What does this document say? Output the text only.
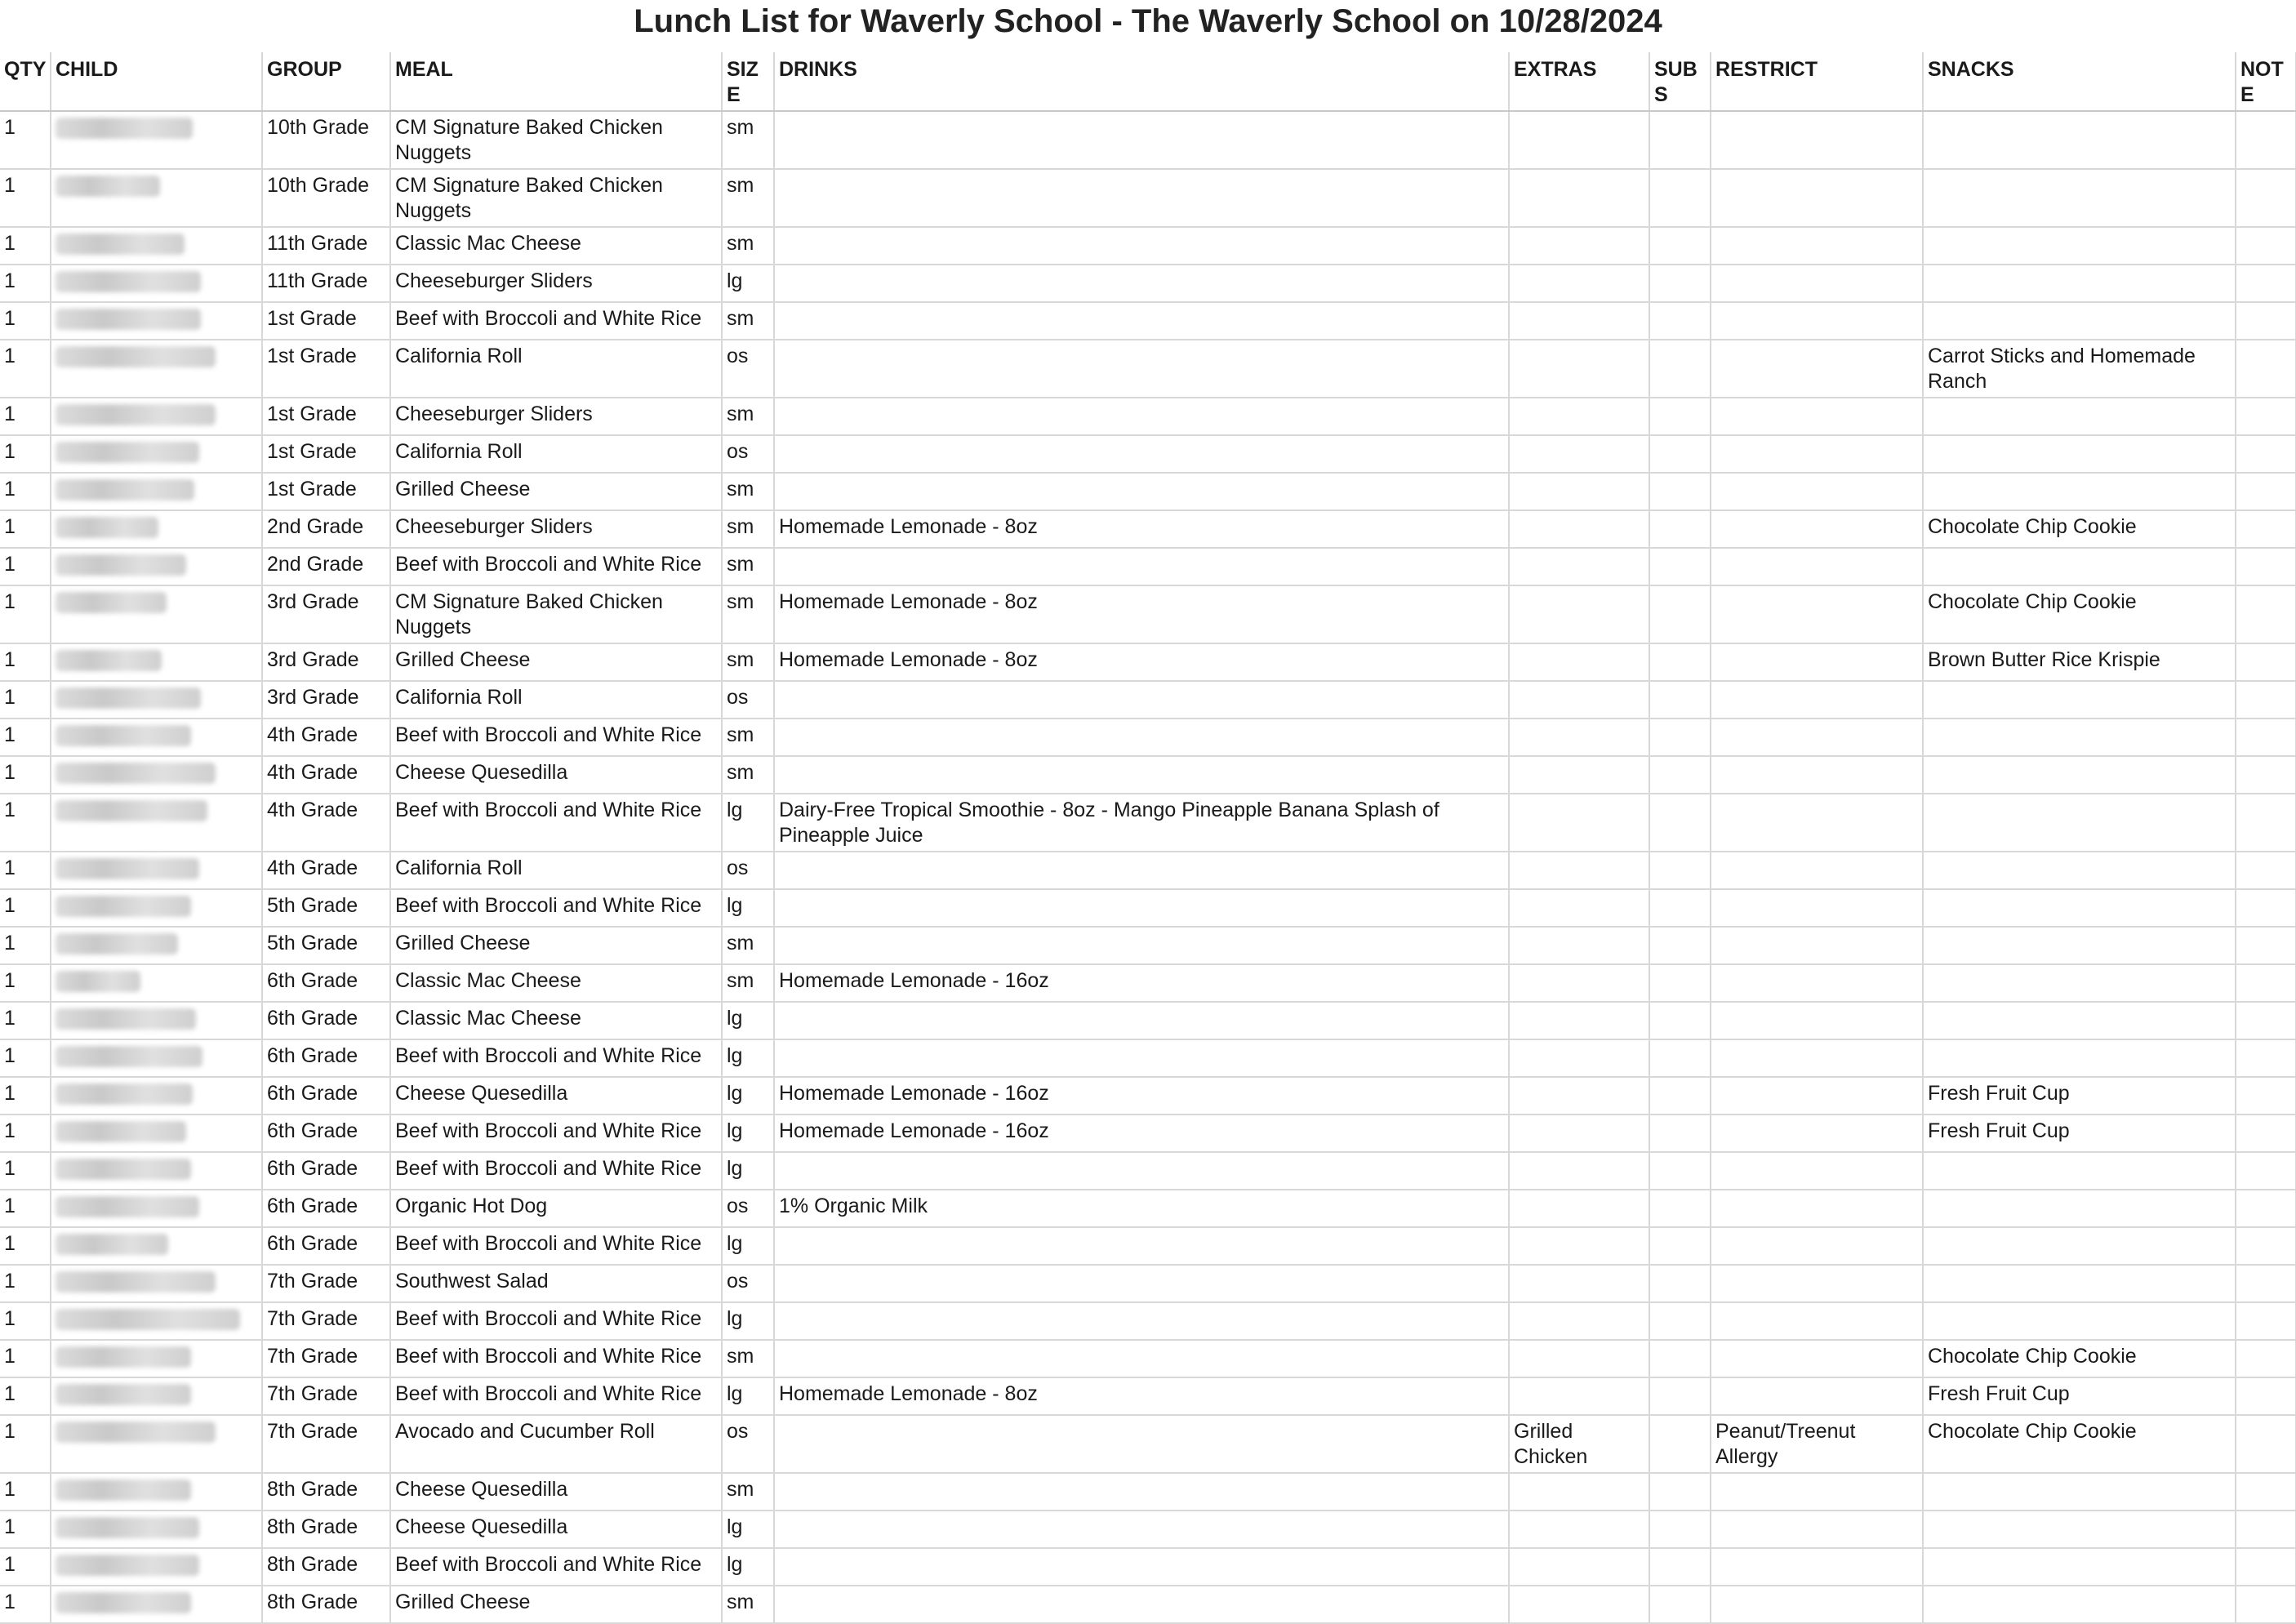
Lunch List for Waverly School - The Waverly School on 10/28/2024
QTY	CHILD	GROUP	MEAL	SIZE	DRINKS	EXTRAS	SUBS	RESTRICT	SNACKS	NOTE
1		10th Grade	CM Signature Baked Chicken Nuggets	sm						
1		10th Grade	CM Signature Baked Chicken Nuggets	sm						
1		11th Grade	Classic Mac Cheese	sm						
1		11th Grade	Cheeseburger Sliders	lg						
1		1st Grade	Beef with Broccoli and White Rice	sm						
1		1st Grade	California Roll	os					Carrot Sticks and Homemade Ranch	
1		1st Grade	Cheeseburger Sliders	sm						
1		1st Grade	California Roll	os						
1		1st Grade	Grilled Cheese	sm						
1		2nd Grade	Cheeseburger Sliders	sm	Homemade Lemonade - 8oz				Chocolate Chip Cookie	
1		2nd Grade	Beef with Broccoli and White Rice	sm						
1		3rd Grade	CM Signature Baked Chicken Nuggets	sm	Homemade Lemonade - 8oz				Chocolate Chip Cookie	
1		3rd Grade	Grilled Cheese	sm	Homemade Lemonade - 8oz				Brown Butter Rice Krispie	
1		3rd Grade	California Roll	os						
1		4th Grade	Beef with Broccoli and White Rice	sm						
1		4th Grade	Cheese Quesedilla	sm						
1		4th Grade	Beef with Broccoli and White Rice	lg	Dairy-Free Tropical Smoothie - 8oz - Mango Pineapple Banana Splash of Pineapple Juice					
1		4th Grade	California Roll	os						
1		5th Grade	Beef with Broccoli and White Rice	lg						
1		5th Grade	Grilled Cheese	sm						
1		6th Grade	Classic Mac Cheese	sm	Homemade Lemonade - 16oz					
1		6th Grade	Classic Mac Cheese	lg						
1		6th Grade	Beef with Broccoli and White Rice	lg						
1		6th Grade	Cheese Quesedilla	lg	Homemade Lemonade - 16oz				Fresh Fruit Cup	
1		6th Grade	Beef with Broccoli and White Rice	lg	Homemade Lemonade - 16oz				Fresh Fruit Cup	
1		6th Grade	Beef with Broccoli and White Rice	lg						
1		6th Grade	Organic Hot Dog	os	1% Organic Milk					
1		6th Grade	Beef with Broccoli and White Rice	lg						
1		7th Grade	Southwest Salad	os						
1		7th Grade	Beef with Broccoli and White Rice	lg						
1		7th Grade	Beef with Broccoli and White Rice	sm					Chocolate Chip Cookie	
1		7th Grade	Beef with Broccoli and White Rice	lg	Homemade Lemonade - 8oz				Fresh Fruit Cup	
1		7th Grade	Avocado and Cucumber Roll	os		Grilled Chicken		Peanut/Treenut Allergy	Chocolate Chip Cookie	
1		8th Grade	Cheese Quesedilla	sm						
1		8th Grade	Cheese Quesedilla	lg						
1		8th Grade	Beef with Broccoli and White Rice	lg						
1		8th Grade	Grilled Cheese	sm						
